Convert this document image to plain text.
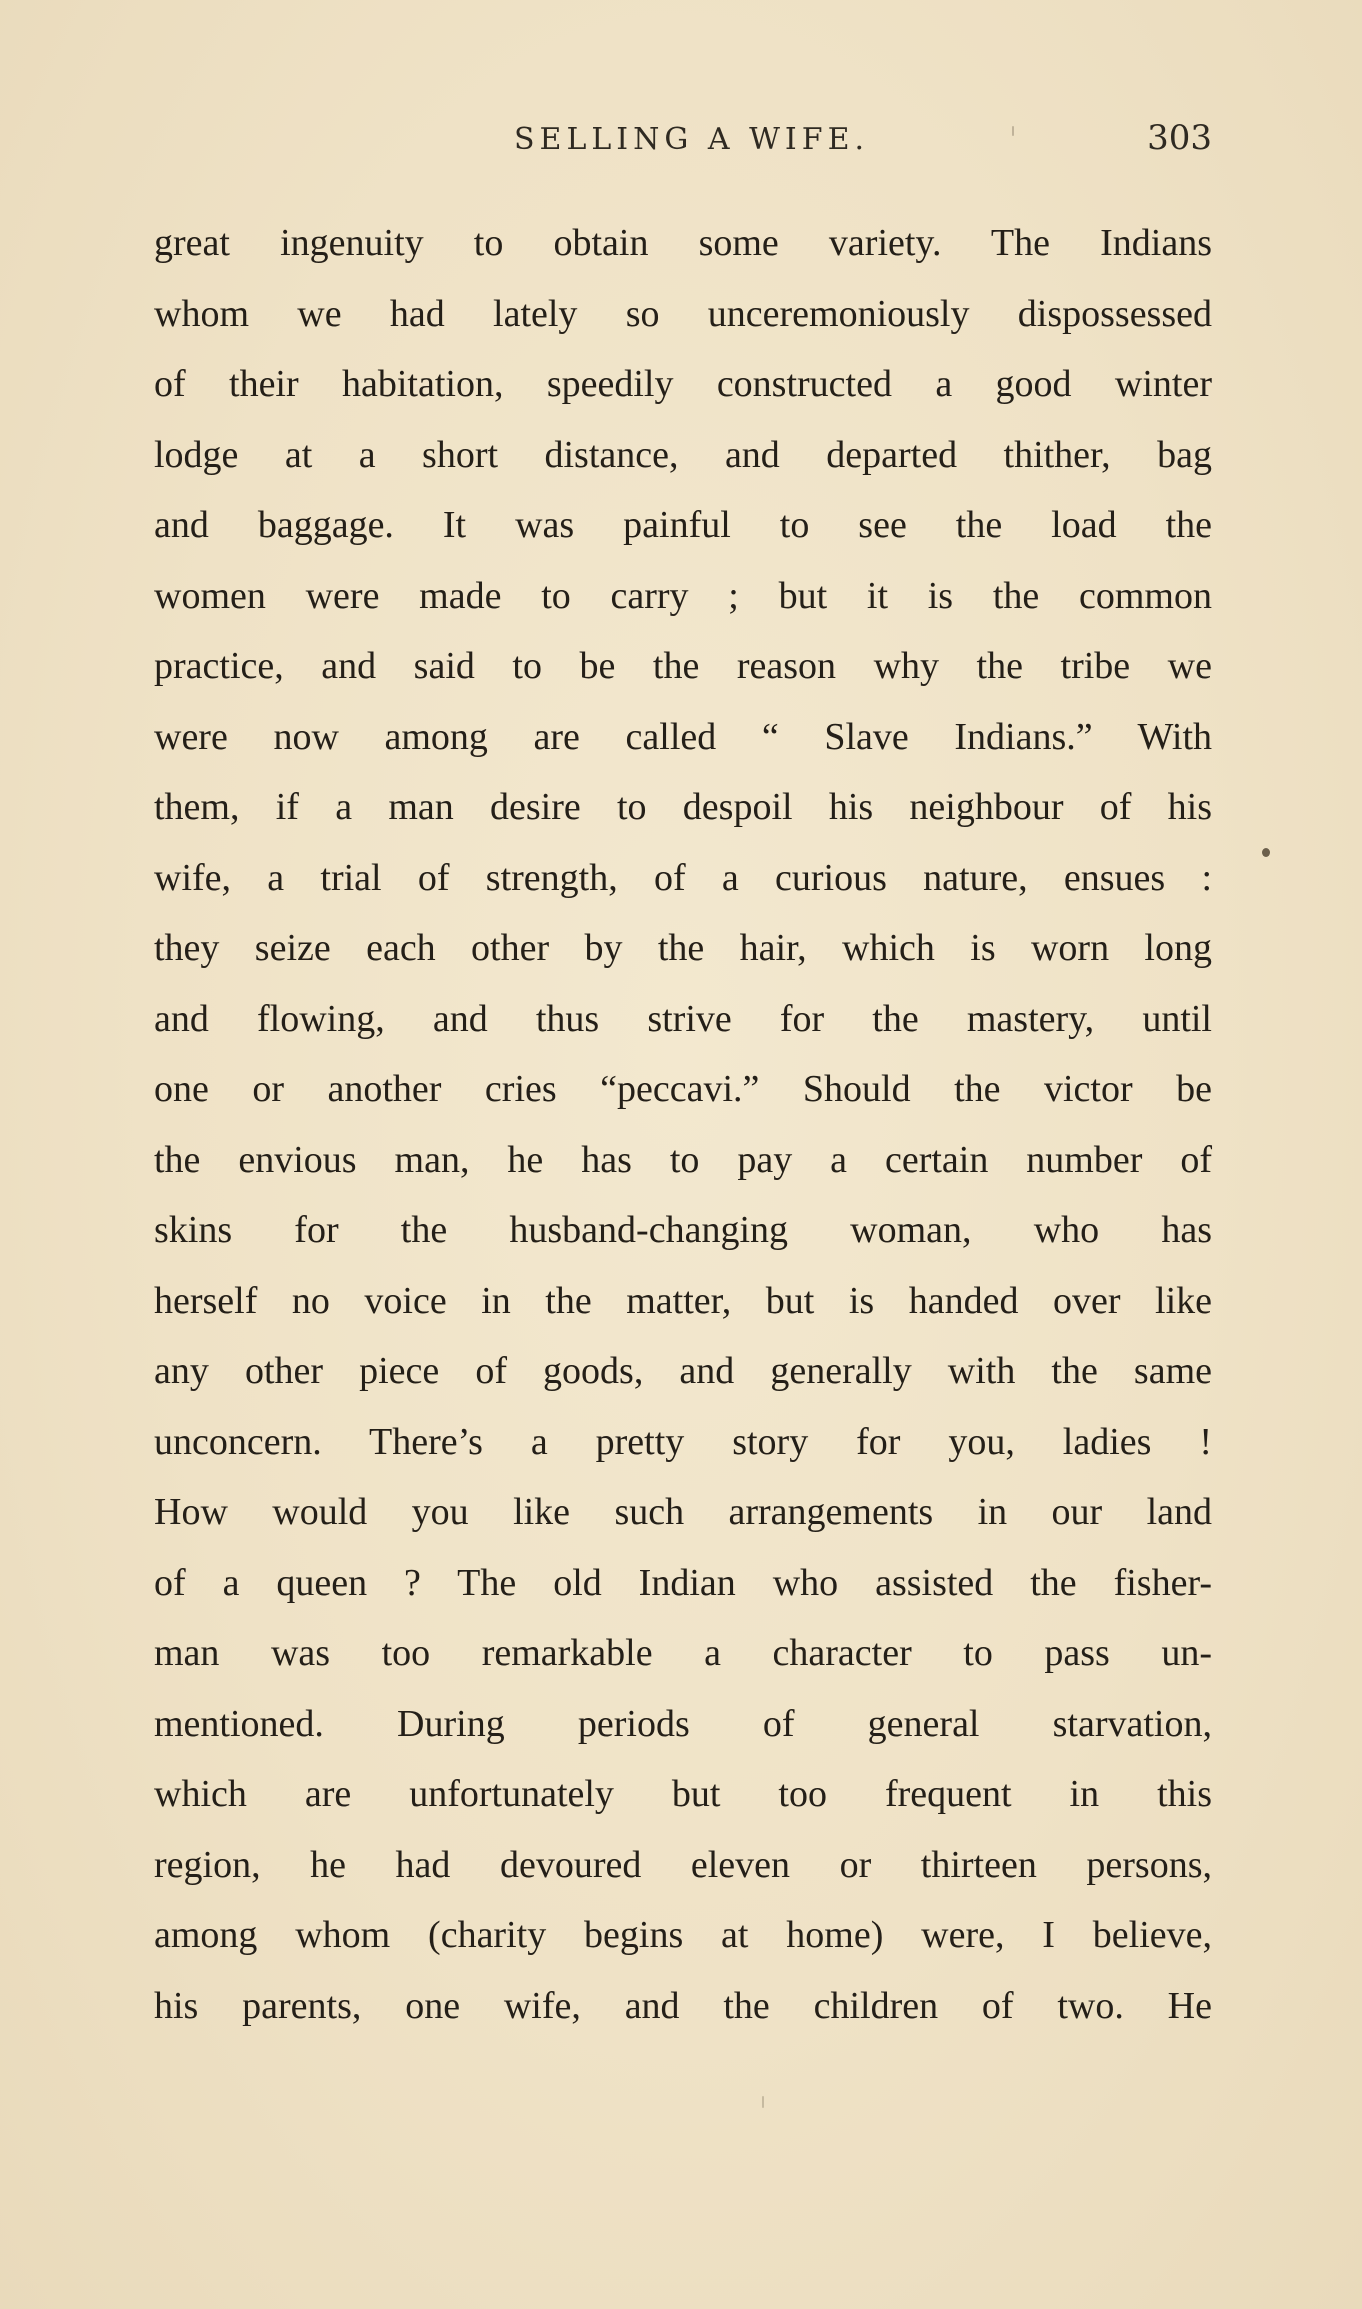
SELLING A WIFE.	303
great ingenuity to obtain some variety. The Indians
whom we had lately so unceremoniously dispossessed
of their habitation, speedily constructed a good winter
lodge at a short distance, and departed thither, bag
and baggage. It was painful to see the load the
women were made to carry ; but it is the common
practice, and said to be the reason why the tribe we
were now among are called “ Slave Indians.” With
them, if a man desire to despoil his neighbour of his
wife, a trial of strength, of a curious nature, ensues :
they seize each other by the hair, which is worn long
and flowing, and thus strive for the mastery, until
one or another cries “peccavi.” Should the victor be
the envious man, he has to pay a certain number of
skins for the husband-changing woman, who has
herself no voice in the matter, but is handed over like
any other piece of goods, and generally with the same
unconcern. There’s a pretty story for you, ladies !
How would you like such arrangements in our land
of a queen ? The old Indian who assisted the fisher-
man was too remarkable a character to pass un-
mentioned. During periods of general starvation,
which are unfortunately but too frequent in this
region, he had devoured eleven or thirteen persons,
among whom (charity begins at home) were, I believe,
his parents, one wife, and the children of two. He
